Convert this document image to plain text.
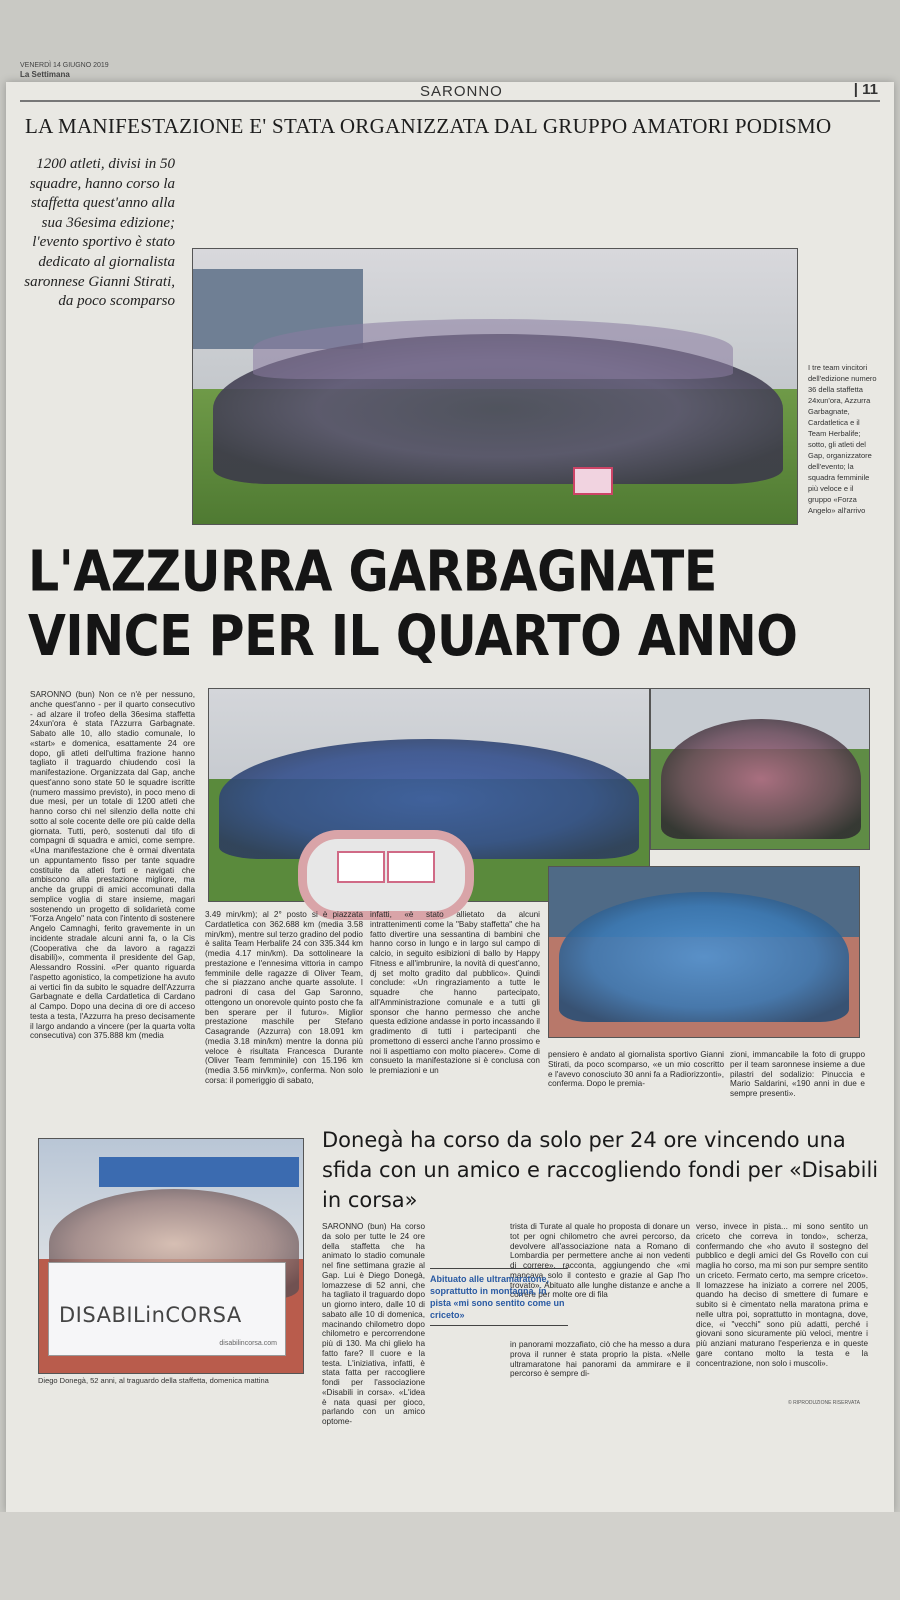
VENERDÌ 14 GIUGNO 2019
La Settimana
SARONNO	| 11
LA MANIFESTAZIONE E' STATA ORGANIZZATA DAL GRUPPO AMATORI PODISMO
1200 atleti, divisi in 50 squadre, hanno corso la staffetta quest'anno alla sua 36esima edizione; l'evento sportivo è stato dedicato al giornalista saronnese Gianni Stirati, da poco scomparso
I tre team vincitori dell'edizione numero 36 della staffetta 24xun'ora, Azzurra Garbagnate, Cardatletica e il Team Herbalife; sotto, gli atleti del Gap, organizzatore dell'evento; la squadra femminile più veloce e il gruppo «Forza Angelo» all'arrivo
L'AZZURRA GARBAGNATE
VINCE PER IL QUARTO ANNO
SARONNO (bun) Non ce n'è per nessuno, anche quest'anno - per il quarto consecutivo - ad alzare il trofeo della 36esima staffetta 24xun'ora è stata l'Azzurra Garbagnate. Sabato alle 10, allo stadio comunale, lo «start» e domenica, esattamente 24 ore dopo, gli atleti dell'ultima frazione hanno tagliato il traguardo chiudendo così la manifestazione. Organizzata dal Gap, anche quest'anno sono state 50 le squadre iscritte (numero massimo previsto), in poco meno di due mesi, per un totale di 1200 atleti che hanno corso chi nel silenzio della notte chi sotto al sole cocente delle ore più calde della giornata. Tutti, però, sostenuti dal tifo di compagni di squadra e amici, come sempre. «Una manifestazione che è ormai diventata un appuntamento fisso per tante squadre costituite da atleti forti e navigati che ambiscono alla prestazione migliore, ma anche da gruppi di amici accomunati dalla semplice voglia di stare insieme, magari sostenendo un progetto di solidarietà come "Forza Angelo" nata con l'intento di sostenere Angelo Camnaghi, ferito gravemente in un incidente stradale alcuni anni fa, o la Cis (Cooperativa che da lavoro a ragazzi disabili)», commenta il presidente del Gap, Alessandro Rossini. «Per quanto riguarda l'aspetto agonistico, la competizione ha avuto ai vertici fin da subito le squadre dell'Azzurra Garbagnate e della Cardatletica di Cardano al Campo. Dopo una decina di ore di acceso testa a testa, l'Azzurra ha preso decisamente il largo andando a vincere (per la quarta volta consecutiva) con 375.888 km (media
3.49 min/km); al 2° posto si è piazzata Cardatletica con 362.688 km (media 3.58 min/km), mentre sul terzo gradino del podio è salita Team Herbalife 24 con 335.344 km (media 4.17 min/km). Da sottolineare la prestazione e l'ennesima vittoria in campo femminile delle ragazze di Oliver Team, che si piazzano anche quarte assolute. I padroni di casa del Gap Saronno, ottengono un onorevole quinto posto che fa ben sperare per il futuro». Miglior prestazione maschile per Stefano Casagrande (Azzurra) con 18.091 km (media 3.18 min/km) mentre la donna più veloce è risultata Francesca Durante (Oliver Team femminile) con 15.196 km (media 3.56 min/km)», conferma. Non solo corsa: il pomeriggio di sabato,
infatti, «è stato allietato da alcuni intrattenimenti come la "Baby staffetta" che ha fatto divertire una sessantina di bambini che hanno corso in lungo e in largo sul campo di calcio, in seguito esibizioni di ballo by Happy Fitness e all'imbrunire, la novità di quest'anno, dj set molto gradito dal pubblico». Quindi conclude: «Un ringraziamento a tutte le squadre che hanno partecipato, all'Amministrazione comunale e a tutti gli sponsor che hanno permesso che anche questa edizione andasse in porto incassando il gradimento di tutti i partecipanti che promettono di esserci anche l'anno prossimo e noi li aspettiamo con molto piacere». Come di consueto la manifestazione si è conclusa con le premiazioni e un
pensiero è andato al giornalista sportivo Gianni Stirati, da poco scomparso, «e un mio coscritto e l'avevo conosciuto 30 anni fa a Radiorizzonti», conferma. Dopo le premia-
zioni, immancabile la foto di gruppo per il team saronnese insieme a due pilastri del sodalizio: Pinuccia e Mario Saldarini, «190 anni in due e sempre presenti».
DISABILinCORSA
disabilincorsa.com
Diego Donegà, 52 anni, al traguardo della staffetta, domenica mattina
Donegà ha corso da solo per 24 ore vincendo una sfida con un amico e raccogliendo fondi per «Disabili in corsa»
SARONNO (bun) Ha corso da solo per tutte le 24 ore della staffetta che ha animato lo stadio comunale nel fine settimana grazie al Gap. Lui è Diego Donegà, lomazzese di 52 anni, che ha tagliato il traguardo dopo un giorno intero, dalle 10 di sabato alle 10 di domenica, macinando chilometro dopo chilometro e percorrendone più di 130. Ma chi glielo ha fatto fare? Il cuore e la testa. L'iniziativa, infatti, è stata fatta per raccogliere fondi per l'associazione «Disabili in corsa». «L'idea è nata quasi per gioco, parlando con un amico optome-
trista di Turate al quale ho proposta di donare un tot per ogni chilometro che avrei percorso, da devolvere all'associazione nata a Romano di Lombardia per permettere anche ai non vedenti di correre», racconta, aggiungendo che «mi mancava solo il contesto e grazie al Gap l'ho trovato». Abituato alle lunghe distanze e anche a correre per molte ore di fila
Abituato alle ultramaratone, soprattutto in montagna, in pista «mi sono sentito come un criceto»
in panorami mozzafiato, ciò che ha messo a dura prova il runner è stata proprio la pista. «Nelle ultramaratone hai panorami da ammirare e il percorso è sempre di-
verso, invece in pista... mi sono sentito un criceto che correva in tondo», scherza, confermando che «ho avuto il sostegno del pubblico e degli amici del Gs Rovello con cui maglia ho corso, ma mi son pur sempre sentito un criceto. Fermato certo, ma sempre criceto». Il lomazzese ha iniziato a correre nel 2005, quando ha deciso di smettere di fumare e subito si è cimentato nella maratona prima e nelle ultra poi, soprattutto in montagna, dove, dice, «i "vecchi" sono più adatti, perché i giovani sono sicuramente più veloci, mentre i più anziani maturano l'esperienza e in queste gare contano molto la testa e la concentrazione, non solo i muscoli».
© RIPRODUZIONE RISERVATA
